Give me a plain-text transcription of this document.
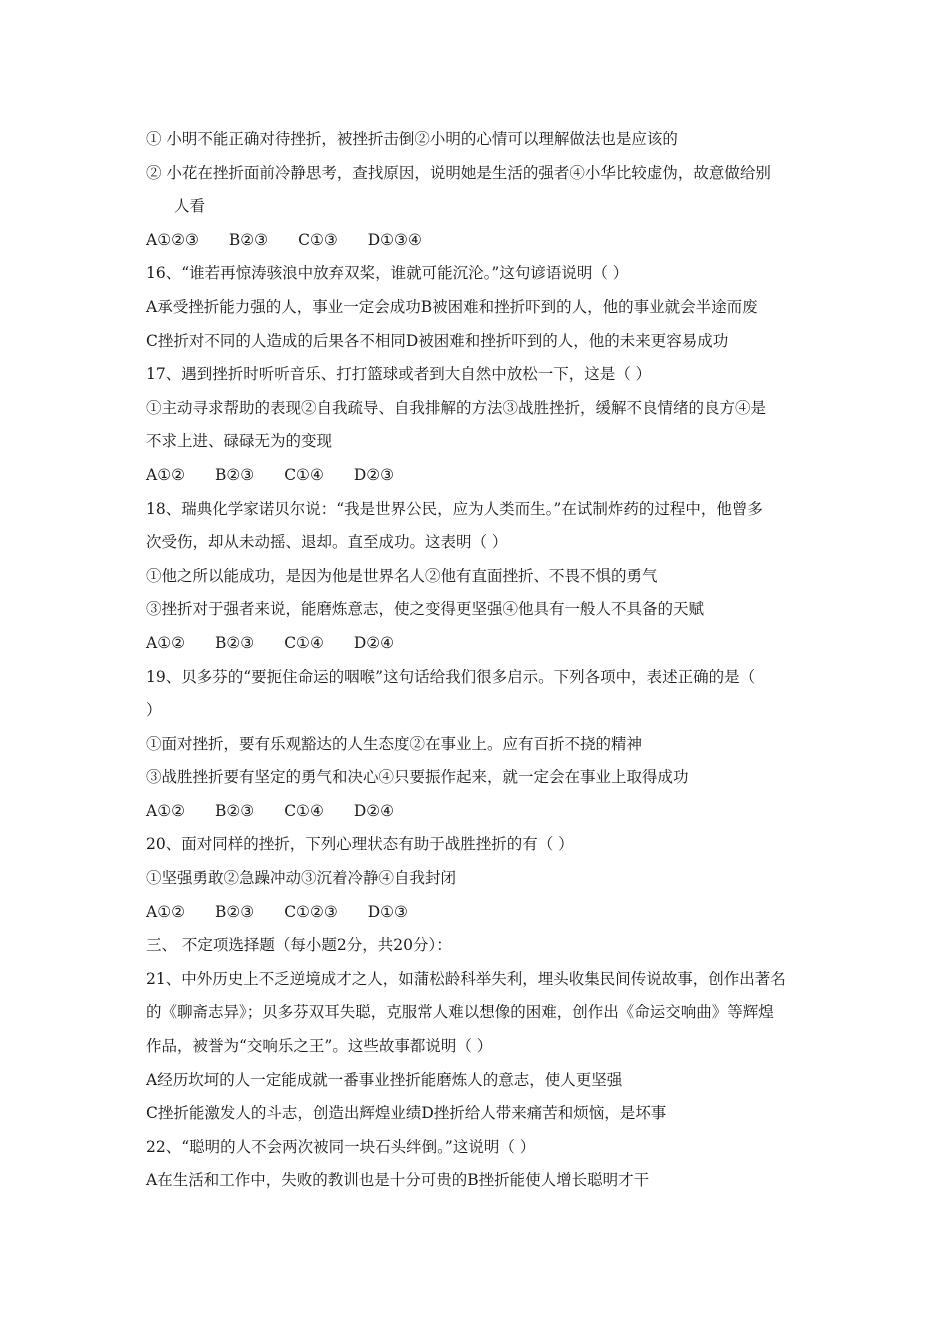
① 小明不能正确对待挫折，被挫折击倒②小明的心情可以理解做法也是应该的
② 小花在挫折面前冷静思考，查找原因，说明她是生活的强者④小华比较虚伪，故意做给别
人看
A①②③ B②③ C①③ D①③④
16、“谁若再惊涛骇浪中放弃双桨，谁就可能沉沦。”这句谚语说明（ ）
A承受挫折能力强的人，事业一定会成功B被困难和挫折吓到的人，他的事业就会半途而废
C挫折对不同的人造成的后果各不相同D被困难和挫折吓到的人，他的未来更容易成功
17、遇到挫折时听听音乐、打打篮球或者到大自然中放松一下，这是（ ）
①主动寻求帮助的表现②自我疏导、自我排解的方法③战胜挫折，缓解不良情绪的良方④是
不求上进、碌碌无为的变现
A①② B②③ C①④ D②③
18、瑞典化学家诺贝尔说：“我是世界公民，应为人类而生。”在试制炸药的过程中，他曾多
次受伤，却从未动摇、退却。直至成功。这表明（ ）
①他之所以能成功，是因为他是世界名人②他有直面挫折、不畏不惧的勇气
③挫折对于强者来说，能磨炼意志，使之变得更坚强④他具有一般人不具备的天赋
A①② B②③ C①④ D②④
19、贝多芬的“要扼住命运的咽喉”这句话给我们很多启示。下列各项中，表述正确的是（
）
①面对挫折，要有乐观豁达的人生态度②在事业上。应有百折不挠的精神
③战胜挫折要有坚定的勇气和决心④只要振作起来，就一定会在事业上取得成功
A①② B②③ C①④ D②④
20、面对同样的挫折，下列心理状态有助于战胜挫折的有（ ）
①坚强勇敢②急躁冲动③沉着冷静④自我封闭
A①② B②③ C①②③ D①③
三、 不定项选择题（每小题2分，共20分）：
21、中外历史上不乏逆境成才之人，如蒲松龄科举失利，埋头收集民间传说故事，创作出著名
的《聊斋志异》；贝多芬双耳失聪，克服常人难以想像的困难，创作出《命运交响曲》等辉煌
作品，被誉为“交响乐之王”。这些故事都说明（ ）
A经历坎坷的人一定能成就一番事业挫折能磨炼人的意志，使人更坚强
C挫折能激发人的斗志，创造出辉煌业绩D挫折给人带来痛苦和烦恼，是坏事
22、“聪明的人不会两次被同一块石头绊倒。”这说明（ ）
A在生活和工作中，失败的教训也是十分可贵的B挫折能使人增长聪明才干
